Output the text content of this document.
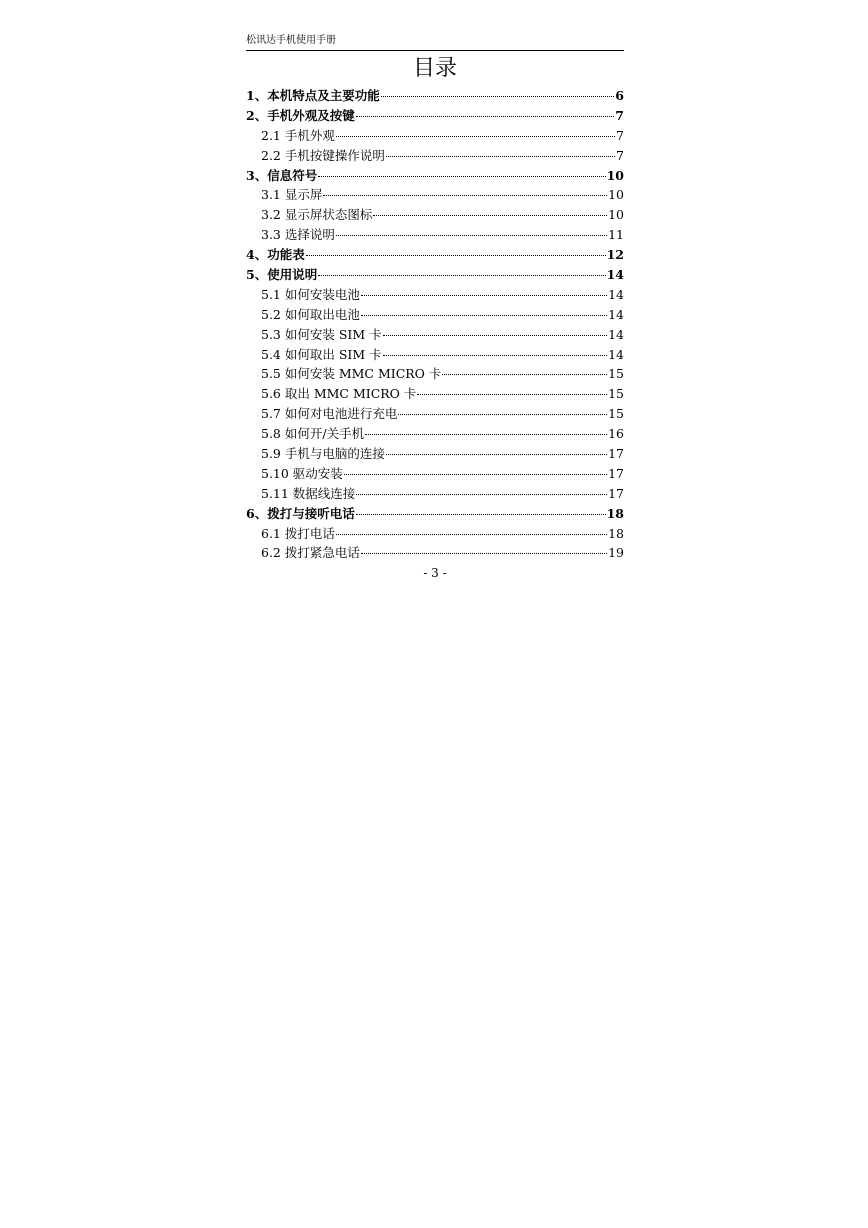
松讯达手机使用手册
目录
1、本机特点及主要功能	6
2、手机外观及按键	7
2.1 手机外观	7
2.2 手机按键操作说明	7
3、信息符号	10
3.1 显示屏	10
3.2 显示屏状态图标	10
3.3 选择说明	11
4、功能表	12
5、使用说明	14
5.1 如何安装电池	14
5.2 如何取出电池	14
5.3 如何安装 SIM 卡	14
5.4 如何取出 SIM 卡	14
5.5 如何安装 MMC MICRO 卡	15
5.6 取出 MMC MICRO 卡	15
5.7 如何对电池进行充电	15
5.8 如何开/关手机	16
5.9 手机与电脑的连接	17
5.10 驱动安装	17
5.11 数据线连接	17
6、拨打与接听电话	18
6.1 拨打电话	18
6.2 拨打紧急电话	19
- 3 -
